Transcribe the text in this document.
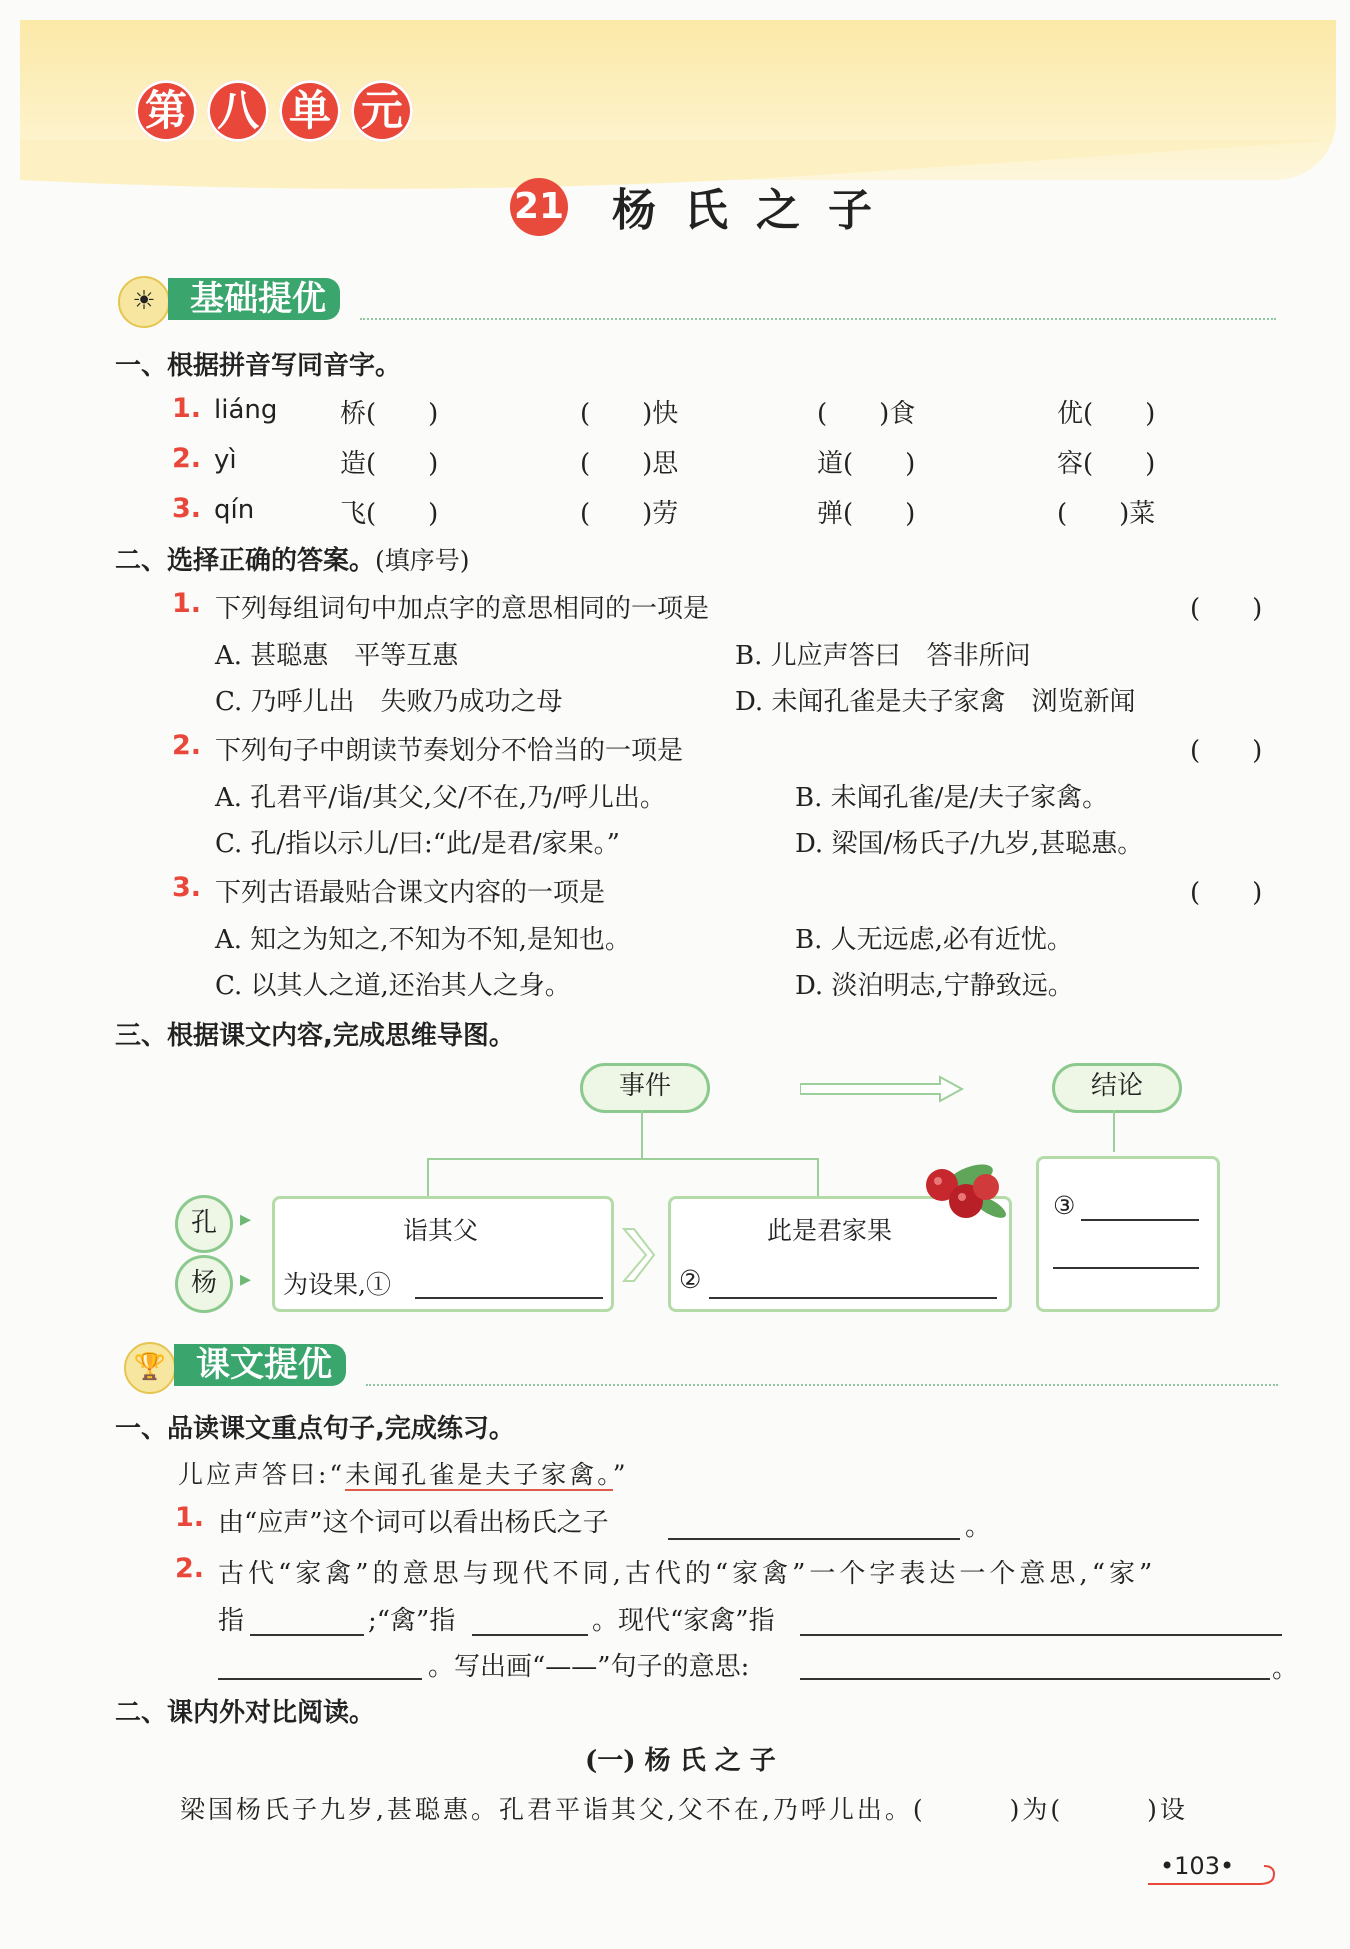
第 八 单 元
21 杨氏之子
☀	基础提优
一、根据拼音写同音字。
1. liáng 桥(　　)	(　　)快	(　　)食	优(　　)
2. yì	造(　　)	(　　)思	道(　　)	容(　　)
3. qín	飞(　　)	(　　)劳	弹(　　)	(　　)菜
二、选择正确的答案。(填序号)
1. 下列每组词句中加点字的意思相同的一项是	(　　)
A. 甚聪惠　平等互惠	B. 儿应声答曰　答非所问
C. 乃呼儿出　失败乃成功之母	D. 未闻孔雀是夫子家禽　浏览新闻
2. 下列句子中朗读节奏划分不恰当的一项是	(　　)
A. 孔君平/诣/其父,父/不在,乃/呼儿出。	B. 未闻孔雀/是/夫子家禽。
C. 孔/指以示儿/曰:“此/是君/家果。”	D. 梁国/杨氏子/九岁,甚聪惠。
3. 下列古语最贴合课文内容的一项是	(　　)
A. 知之为知之,不知为不知,是知也。	B. 人无远虑,必有近忧。
C. 以其人之道,还治其人之身。	D. 淡泊明志,宁静致远。
三、根据课文内容,完成思维导图。
事件	结论
孔	▸
杨	▸
诣其父
为设果,①
此是君家果
②
③
🏆 课文提优
一、品读课文重点句子,完成练习。
儿应声答曰:“未闻孔雀是夫子家禽。”
1. 由“应声”这个词可以看出杨氏之子	。
2. 古代“家禽”的意思与现代不同,古代的“家禽”一个字表达一个意思,“家”
指	;“禽”指	。现代“家禽”指
。写出画“——”句子的意思:	。
二、课内外对比阅读。
(一) 杨 氏 之 子
梁国杨氏子九岁,甚聪惠。孔君平诣其父,父不在,乃呼儿出。(　　　)为(　　　)设
•103•
